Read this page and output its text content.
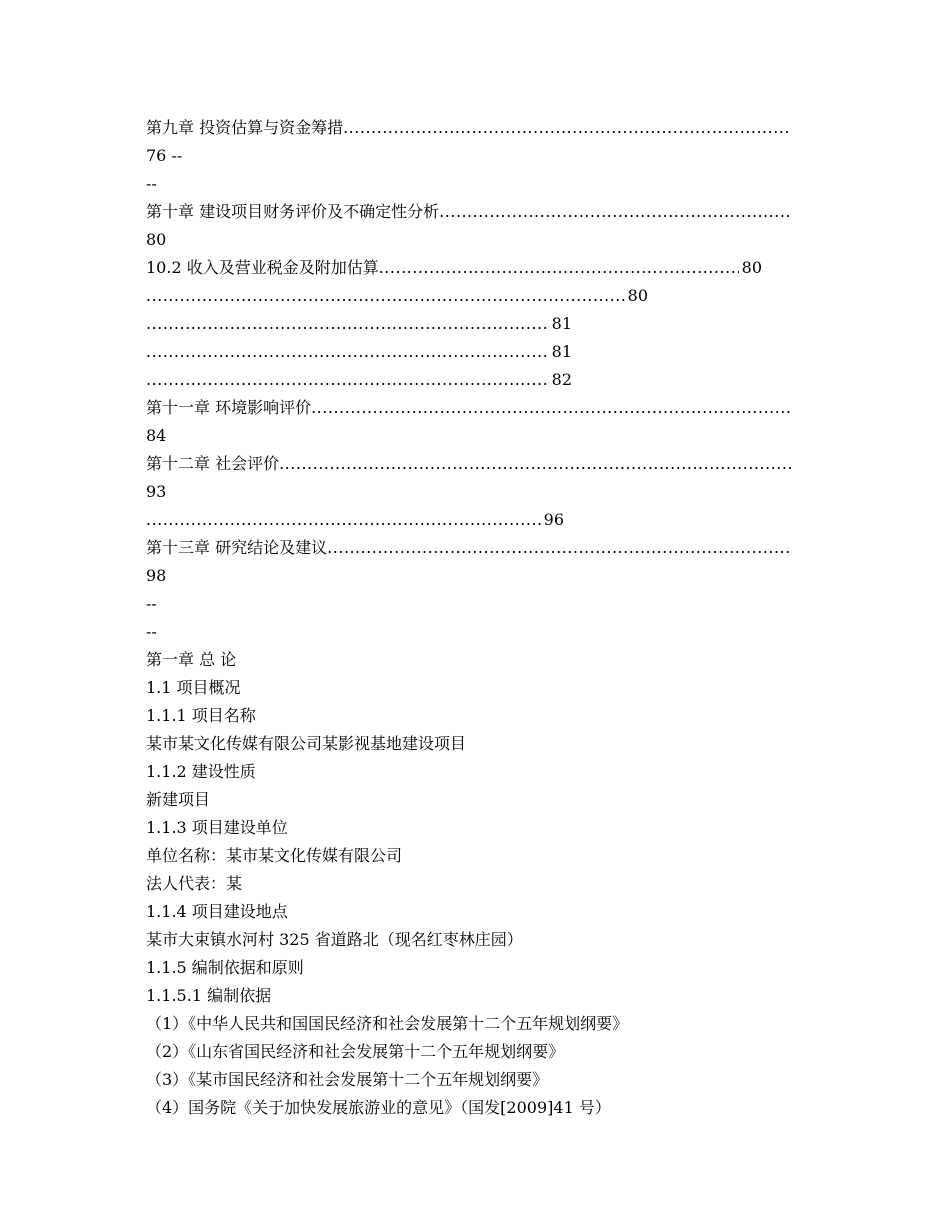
第九章 投资估算与资金筹措
.....
76 --
--
第十章 建设项目财务评价及不确定性分析
.....
80
10.2 收入及营业税金及附加估算
.....	80
.....
80
.....
81
.....
81
.....
82
第十一章 环境影响评价
.....
84
第十二章 社会评价
.....
93
.....
96
第十三章 研究结论及建议
.....
98
--
--
第一章 总 论
1.1 项目概况
1.1.1 项目名称
某市某文化传媒有限公司某影视基地建设项目
1.1.2 建设性质
新建项目
1.1.3 项目建设单位
单位名称：某市某文化传媒有限公司
法人代表：某
1.1.4 项目建设地点
某市大束镇水河村 325 省道路北（现名红枣林庄园）
1.1.5 编制依据和原则
1.1.5.1 编制依据
（1）《中华人民共和国国民经济和社会发展第十二个五年规划纲要》
（2）《山东省国民经济和社会发展第十二个五年规划纲要》
（3）《某市国民经济和社会发展第十二个五年规划纲要》
（4）国务院《关于加快发展旅游业的意见》（国发[2009]41 号）
